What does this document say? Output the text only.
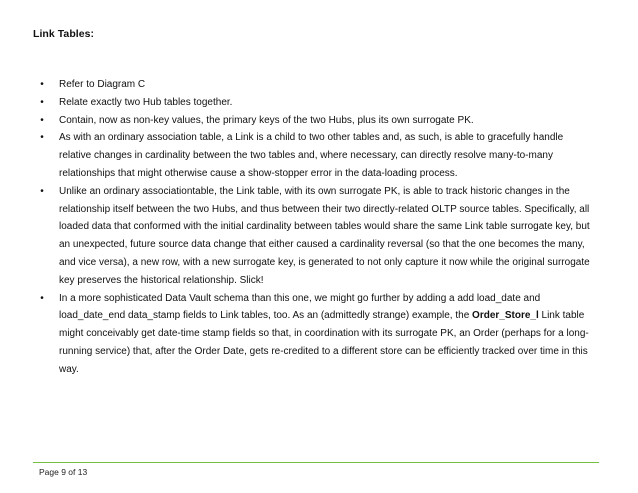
Link Tables:
•	Refer to Diagram C
•	Relate exactly two Hub tables together.
•	Contain, now as non-key values, the primary keys of the two Hubs, plus its own surrogate PK.
•	As with an ordinary association table, a Link is a child to two other tables and, as such, is able to gracefully handle relative changes in cardinality between the two tables and, where necessary, can directly resolve many-to-many relationships that might otherwise cause a show-stopper error in the data-loading process.
•	Unlike an ordinary associationtable, the Link table, with its own surrogate PK, is able to track historic changes in the relationship itself between the two Hubs, and thus between their two directly-related OLTP source tables. Specifically, all loaded data that conformed with the initial cardinality between tables would share the same Link table surrogate key, but an unexpected, future source data change that either caused a cardinality reversal (so that the one becomes the many, and vice versa), a new row, with a new surrogate key, is generated to not only capture it now while the original surrogate key preserves the historical relationship. Slick!
•	In a more sophisticated Data Vault schema than this one, we might go further by adding a add load_date and load_date_end data_stamp fields to Link tables, too. As an (admittedly strange) example, the Order_Store_l Link table might conceivably get date-time stamp fields so that, in coordination with its surrogate PK, an Order (perhaps for a long-running service) that, after the Order Date, gets re-credited to a different store can be efficiently tracked over time in this way.
Page 9 of 13
